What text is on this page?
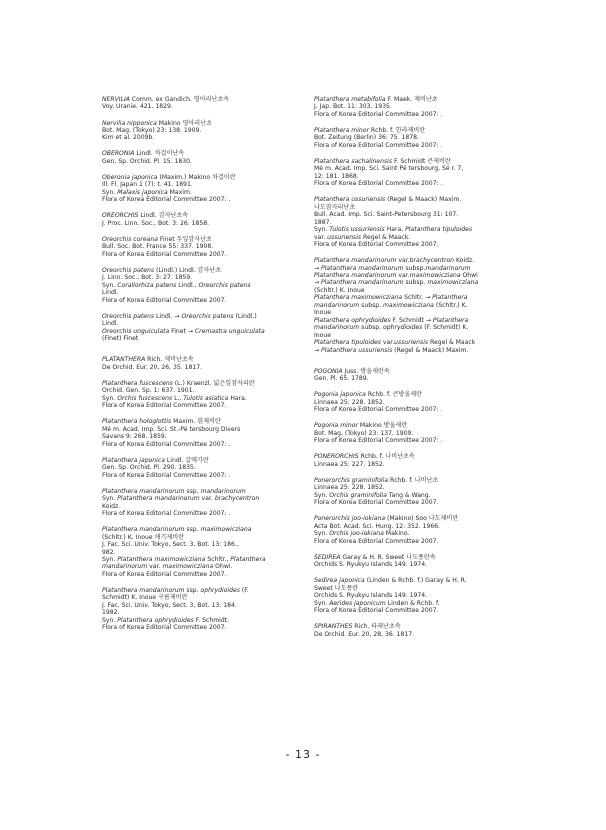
NERVILIA Comm. ex Gandich. 영아리난초속
Voy. Uranie. 421. 1829.
Nervilia nipponica Makino 영아리난초
Bot. Mag. (Tokyo) 23: 138. 1909.
Kim et al. 2009b.
OBERONIA Lindl. 차걸이난속
Gen. Sp. Orchid. Pl. 15. 1830.
Oberonia japonica (Maxim.) Makino 차걸이란
Ill. Fl. Japan 1 (7): t. 41. 1891.
Syn. Malaxis japonica Maxim.
Flora of Korea Editorial Committee 2007: .
OREORCHIS Lindl. 감자난초속
J. Proc. Linn. Soc., Bot. 3: 26. 1858.
Oreorchis coreana Finet 두잎감자난초
Bull. Soc. Bot. France 55: 337. 1908.
Flora of Korea Editorial Committee 2007.
Oreorchis patens (Lindl.) Lindl. 감자난초
J. Linn. Soc., Bot. 3: 27. 1859.
Syn. Corallorhiza patens Lindl., Oreorchis patens
Lindl.
Flora of Korea Editorial Committee 2007.
Oreorchis patens Lindl. → Oreorchis patens (Lindl.)
Lindl.
Oreorchis unguiculata Finet → Cremastra unguiculata
(Finet) Finet
PLATANTHERA Rich. 제비난초속
De Orchid. Eur. 20, 26, 35. 1817.
Platanthera fuscescens (L.) Kraenzl. 넓은잎잠자리란
Orchid. Gen. Sp. 1: 637. 1901.
Syn. Orchis fuscescens L., Tulotis asiatica Hara.
Flora of Korea Editorial Committee 2007.
Platanthera hologlottis Maxim. 흰제비란
Mé m. Acad. Imp. Sci. St.-Pé tersbourg Divers
Savans 9: 268. 1859.
Flora of Korea Editorial Committee 2007: .
Platanthera japonica Lindl. 갈매기란
Gen. Sp. Orchid. Pl. 290. 1835.
Flora of Korea Editorial Committee 2007: .
Platanthera mandarinorum ssp. mandarinorum
Syn. Platanthera mandarinorum var. brachycentron
Koidz.
Flora of Korea Editorial Committee 2007: .
Platanthera mandarinorum ssp. maximowicziana
(Schltr.) K. Inoue 애기제비란
J. Fac. Sci. Univ. Tokyo, Sect. 3, Bot. 13: 186.,
982.
Syn. Platanthera maximowicziana Schltr., Platanthera
mandarinorum var. maximowicziana Ohwi.
Flora of Korea Editorial Committee 2007.
Platanthera mandarinorum ssp. ophrydioides (F.
Schmidt) K. Inoue 구름제비란
J. Fac. Sci. Univ. Tokyo, Sect. 3, Bot. 13: 184.
1982.
Syn. Platanthera ophrydioides F. Schmidt.
Flora of Korea Editorial Committee 2007.
Platanthera metabifolia F. Maek. 제비난초
J. Jap. Bot. 11: 303. 1935.
Flora of Korea Editorial Committee 2007: .
Platanthera minor Rchb. f. 한라제비란
Bot. Zeitung (Berlin) 36: 75. 1878.
Flora of Korea Editorial Committee 2007: .
Platanthera sachalinensis F. Schmidt 큰제비란
Mé m. Acad. Imp. Sci. Saint Pé tersbourg, Sé r. 7,
12: 181. 1868.
Flora of Korea Editorial Committee 2007: .
Platanthera ussuriensis (Regel & Maack) Maxim.
나도잠자리난초
Bull. Acad. Imp. Sci. Saint-Petersbourg 31: 107.
1887.
Syn. Tulotis ussuriensis Hara, Platanthera tipuloides
var. ussuriensis Regel & Maack.
Flora of Korea Editorial Committee 2007.
Platanthera mandarinorum var.brachycentron Koidz.
→ Platanthera mandarinorum subsp.mandarinorum
Platanthera mandarinorum var.maximowicziana Ohwi
→ Platanthera mandarinorum subsp. maximowicziana
(Schltr.) K. Inoue
Platanthera maximowicziana Schltr. → Platanthera
mandarinorum subsp. maximowicziana (Schltr.) K.
Inoue
Platanthera ophrydioides F. Schmidt → Platanthera
mandarinorum subsp. ophrydioides (F. Schmidt) K.
Inoue
Platanthera tipuloides var.ussuriensis Regel & Maack
→ Platanthera ussuriensis (Regel & Maack) Maxim.
POGONIA Juss. 방울새란속
Gen. Pl. 65. 1789.
Pogonia japonica Rchb. f. 큰방울새란
Linnaea 25: 228. 1852.
Flora of Korea Editorial Committee 2007: .
Pogonia minor Makino 방울새란
Bot. Mag. (Tokyo) 23: 137. 1909.
Flora of Korea Editorial Committee 2007: .
PONERORCHIS Rchb. f. 나비난초속
Linnaea 25: 227. 1852.
Ponerorchis graminifolia Rchb. f. 나비난초
Linnaea 25: 228. 1852.
Syn. Orchis graminifolia Tang & Wang.
Flora of Korea Editorial Committee 2007.
Ponerorchis joo-iokiana (Makino) Soo 나도제비란
Acta Bot. Acad. Sci. Hung. 12: 352. 1966.
Syn. Orchis joo-iokiana Makino.
Flora of Korea Editorial Committee 2007.
SEDIREA Garay & H. R. Sweet 나도풍란속
Orchids S. Ryukyu Islands 149. 1974.
Sedirea japonica (Linden & Rchb. f.) Garay & H. R.
Sweet 나도풍란
Orchids S. Ryukyu Islands 149. 1974.
Syn. Aerides japonicum Linden & Rchb. f.
Flora of Korea Editorial Committee 2007.
SPIRANTHES Rich. 타래난초속
De Orchid. Eur. 20, 28, 36. 1817.
- 13 -
